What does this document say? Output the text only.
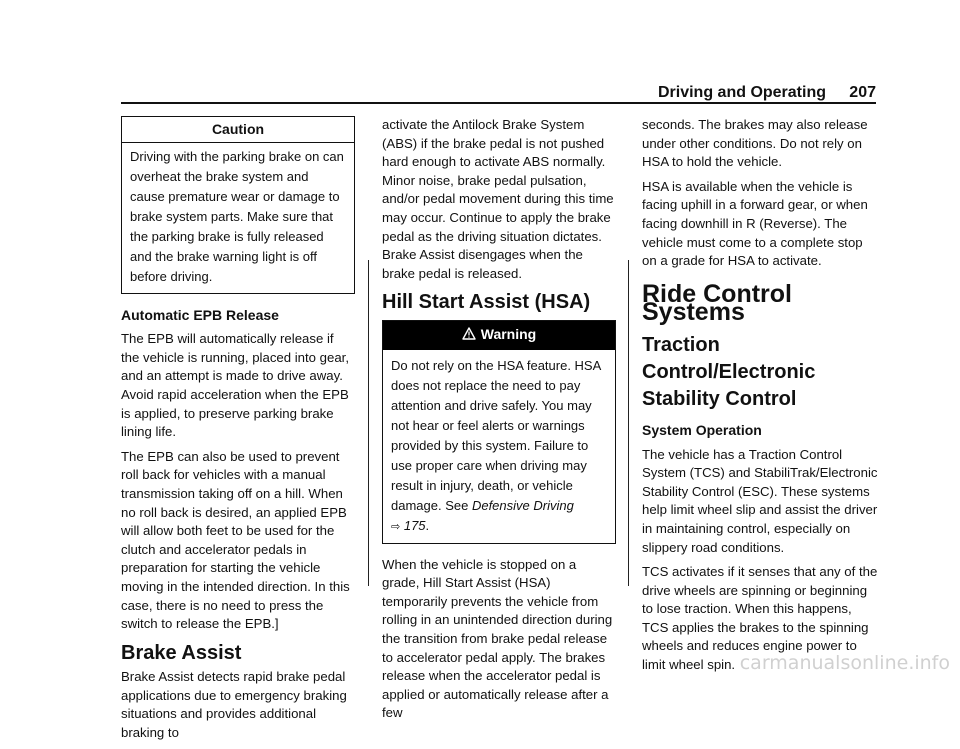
Driving and Operating 207
Caution
Driving with the parking brake on can overheat the brake system and cause premature wear or damage to brake system parts. Make sure that the parking brake is fully released and the brake warning light is off before driving.
Automatic EPB Release

The EPB will automatically release if the vehicle is running, placed into gear, and an attempt is made to drive away. Avoid rapid acceleration when the EPB is applied, to preserve parking brake lining life.

The EPB can also be used to prevent roll back for vehicles with a manual transmission taking off on a hill. When no roll back is desired, an applied EPB will allow both feet to be used for the clutch and accelerator pedals in preparation for starting the vehicle moving in the intended direction. In this case, there is no need to press the switch to release the EPB.]

Brake Assist

Brake Assist detects rapid brake pedal applications due to emergency braking situations and provides additional braking to

activate the Antilock Brake System (ABS) if the brake pedal is not pushed hard enough to activate ABS normally. Minor noise, brake pedal pulsation, and/or pedal movement during this time may occur. Continue to apply the brake pedal as the driving situation dictates. Brake Assist disengages when the brake pedal is released.

Hill Start Assist (HSA)
Warning
Do not rely on the HSA feature. HSA does not replace the need to pay attention and drive safely. You may not hear or feel alerts or warnings provided by this system. Failure to use proper care when driving may result in injury, death, or vehicle damage. See Defensive Driving
⇨ 175.

When the vehicle is stopped on a grade, Hill Start Assist (HSA) temporarily prevents the vehicle from rolling in an unintended direction during the transition from brake pedal release to accelerator pedal apply. The brakes release when the accelerator pedal is applied or automatically release after a few

seconds. The brakes may also release under other conditions. Do not rely on HSA to hold the vehicle.

HSA is available when the vehicle is facing uphill in a forward gear, or when facing downhill in R (Reverse). The vehicle must come to a complete stop on a grade for HSA to activate.

Ride Control Systems
Traction Control/Electronic Stability Control
System Operation

The vehicle has a Traction Control System (TCS) and StabiliTrak/Electronic Stability Control (ESC). These systems help limit wheel slip and assist the driver in maintaining control, especially on slippery road conditions.

TCS activates if it senses that any of the drive wheels are spinning or beginning to lose traction. When this happens, TCS applies the brakes to the spinning wheels and reduces engine power to limit wheel spin. carmanualsonline.info
